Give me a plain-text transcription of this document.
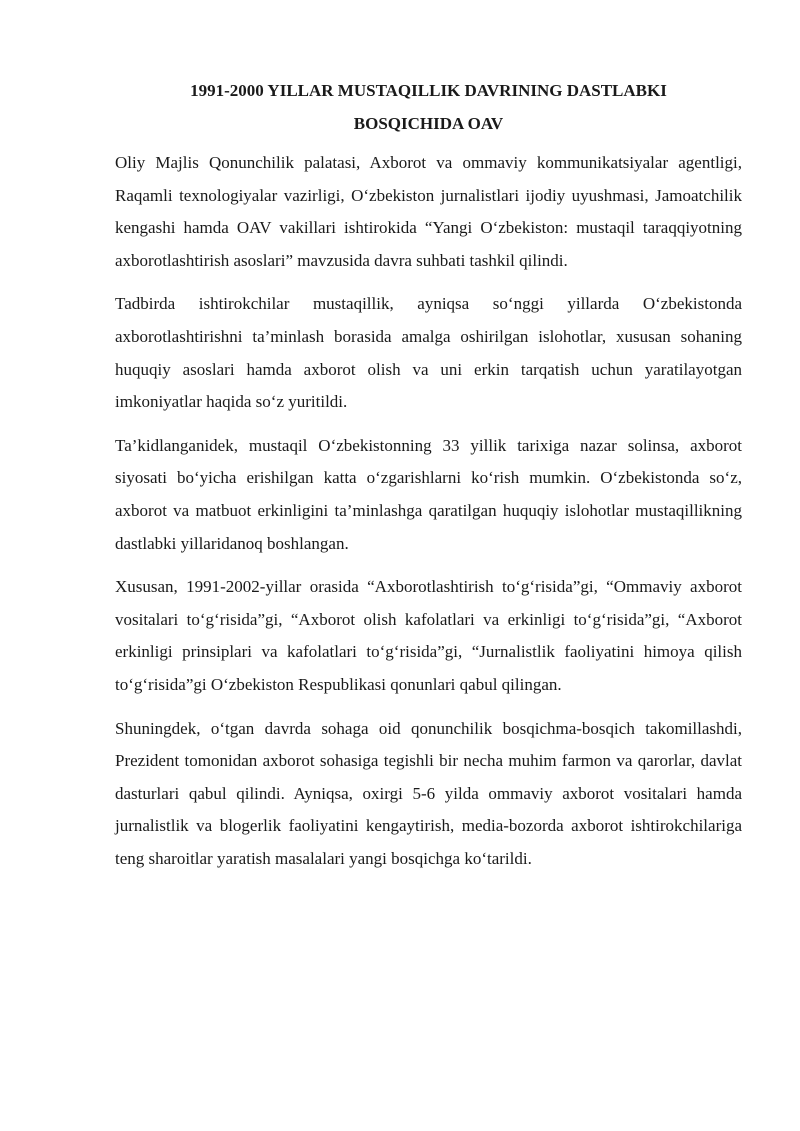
1991-2000 YILLAR MUSTAQILLIK DAVRINING DASTLABKI
BOSQICHIDA OAV

Oliy Majlis Qonunchilik palatasi, Axborot va ommaviy kommunikatsiyalar agentligi, Raqamli texnologiyalar vazirligi, O‘zbekiston jurnalistlari ijodiy uyushmasi, Jamoatchilik kengashi hamda OAV vakillari ishtirokida “Yangi O‘zbekiston: mustaqil taraqqiyotning axborotlashtirish asoslari” mavzusida davra suhbati tashkil qilindi.

Tadbirda ishtirokchilar mustaqillik, ayniqsa so‘nggi yillarda O‘zbekistonda axborotlashtirishni ta’minlash borasida amalga oshirilgan islohotlar, xususan sohaning huquqiy asoslari hamda axborot olish va uni erkin tarqatish uchun yaratilayotgan imkoniyatlar haqida so‘z yuritildi.

Ta’kidlanganidek, mustaqil O‘zbekistonning 33 yillik tarixiga nazar solinsa, axborot siyosati bo‘yicha erishilgan katta o‘zgarishlarni ko‘rish mumkin. O‘zbekistonda so‘z, axborot va matbuot erkinligini ta’minlashga qaratilgan huquqiy islohotlar mustaqillikning dastlabki yillaridanoq boshlangan.

Xususan, 1991-2002-yillar orasida “Axborotlashtirish to‘g‘risida”gi, “Ommaviy axborot vositalari to‘g‘risida”gi, “Axborot olish kafolatlari va erkinligi to‘g‘risida”gi, “Axborot erkinligi prinsiplari va kafolatlari to‘g‘risida”gi, “Jurnalistlik faoliyatini himoya qilish to‘g‘risida”gi O‘zbekiston Respublikasi qonunlari qabul qilingan.

Shuningdek, o‘tgan davrda sohaga oid qonunchilik bosqichma-bosqich takomillashdi, Prezident tomonidan axborot sohasiga tegishli bir necha muhim farmon va qarorlar, davlat dasturlari qabul qilindi. Ayniqsa, oxirgi 5-6 yilda ommaviy axborot vositalari hamda jurnalistlik va blogerlik faoliyatini kengaytirish, media-bozorda axborot ishtirokchilariga teng sharoitlar yaratish masalalari yangi bosqichga ko‘tarildi.
